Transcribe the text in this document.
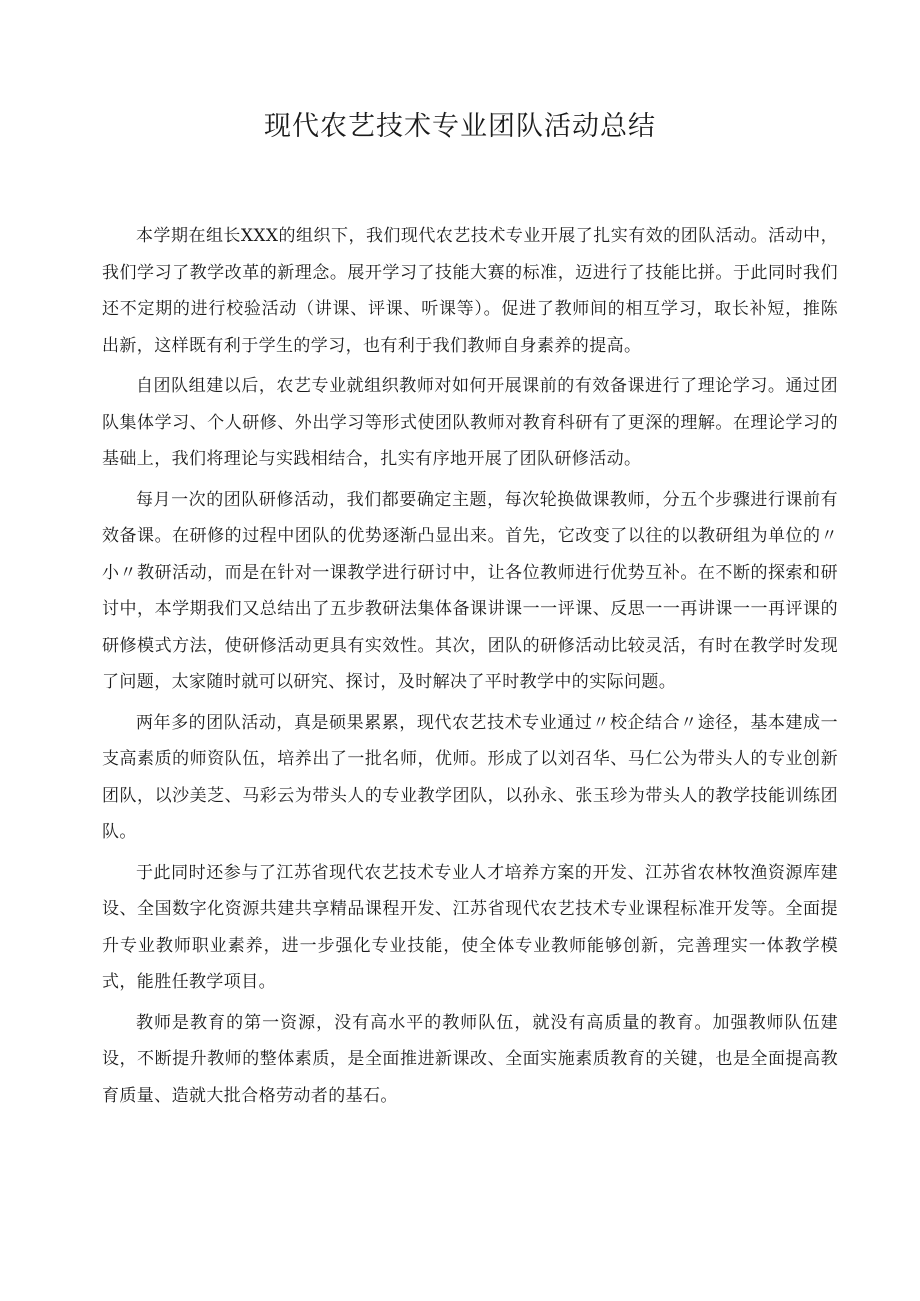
现代农艺技术专业团队活动总结

本学期在组长XXX的组织下，我们现代农艺技术专业开展了扎实有效的团队活动。活动中，我们学习了教学改革的新理念。展开学习了技能大赛的标准，迈进行了技能比拼。于此同时我们还不定期的进行校验活动（讲课、评课、听课等）。促进了教师间的相互学习，取长补短，推陈出新，这样既有利于学生的学习，也有利于我们教师自身素养的提高。

自团队组建以后，农艺专业就组织教师对如何开展课前的有效备课进行了理论学习。通过团队集体学习、个人研修、外出学习等形式使团队教师对教育科研有了更深的理解。在理论学习的基础上，我们将理论与实践相结合，扎实有序地开展了团队研修活动。

每月一次的团队研修活动，我们都要确定主题，每次轮换做课教师，分五个步骤进行课前有效备课。在研修的过程中团队的优势逐渐凸显出来。首先，它改变了以往的以教研组为单位的〃小〃教研活动，而是在针对一课教学进行研讨中，让各位教师进行优势互补。在不断的探索和研讨中，本学期我们又总结出了五步教研法集体备课讲课一一评课、反思一一再讲课一一再评课的研修模式方法，使研修活动更具有实效性。其次，团队的研修活动比较灵活，有时在教学时发现了问题，太家随时就可以研究、探讨，及时解决了平时教学中的实际问题。

两年多的团队活动，真是硕果累累，现代农艺技术专业通过〃校企结合〃途径，基本建成一支高素质的师资队伍，培养出了一批名师，优师。形成了以刘召华、马仁公为带头人的专业创新团队，以沙美芝、马彩云为带头人的专业教学团队，以孙永、张玉珍为带头人的教学技能训练团队。

于此同时还参与了江苏省现代农艺技术专业人才培养方案的开发、江苏省农林牧渔资源库建设、全国数字化资源共建共享精品课程开发、江苏省现代农艺技术专业课程标准开发等。全面提升专业教师职业素养，进一步强化专业技能，使全体专业教师能够创新，完善理实一体教学模式，能胜任教学项目。

教师是教育的第一资源，没有高水平的教师队伍，就没有高质量的教育。加强教师队伍建设，不断提升教师的整体素质，是全面推进新课改、全面实施素质教育的关键，也是全面提高教育质量、造就大批合格劳动者的基石。
